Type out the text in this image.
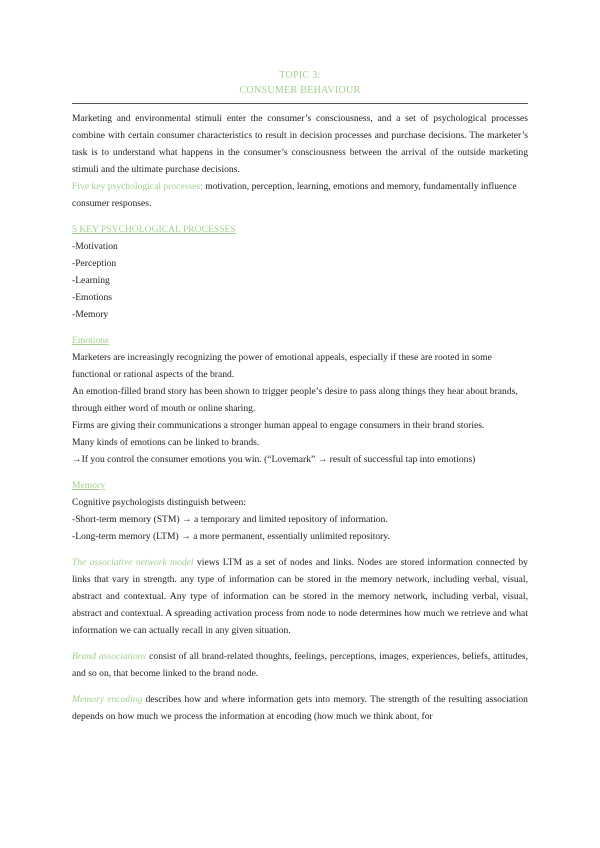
TOPIC 3:
CONSUMER BEHAVIOUR

Marketing and environmental stimuli enter the consumer’s consciousness, and a set of psychological processes combine with certain consumer characteristics to result in decision processes and purchase decisions. The marketer’s task is to understand what happens in the consumer’s consciousness between the arrival of the outside marketing stimuli and the ultimate purchase decisions.

Five key psychological processes: motivation, perception, learning, emotions and memory, fundamentally influence consumer responses.

5 KEY PSYCHOLOGICAL PROCESSES

-Motivation

-Perception

-Learning

-Emotions

-Memory

Emotions

Marketers are increasingly recognizing the power of emotional appeals, especially if these are rooted in some functional or rational aspects of the brand.

An emotion-filled brand story has been shown to trigger people’s desire to pass along things they hear about brands, through either word of mouth or online sharing.

Firms are giving their communications a stronger human appeal to engage consumers in their brand stories.

Many kinds of emotions can be linked to brands.

→If you control the consumer emotions you win. (“Lovemark” → result of successful tap into emotions)

Memory

Cognitive psychologists distinguish between:

-Short-term memory (STM) → a temporary and limited repository of information.

-Long-term memory (LTM) → a more permanent, essentially unlimited repository.

The associative network model views LTM as a set of nodes and links. Nodes are stored information connected by links that vary in strength. any type of information can be stored in the memory network, including verbal, visual, abstract and contextual. Any type of information can be stored in the memory network, including verbal, visual, abstract and contextual. A spreading activation process from node to node determines how much we retrieve and what information we can actually recall in any given situation.

Brand associations consist of all brand-related thoughts, feelings, perceptions, images, experiences, beliefs, attitudes, and so on, that become linked to the brand node.

Memory encoding describes how and where information gets into memory. The strength of the resulting association depends on how much we process the information at encoding (how much we think about, for
